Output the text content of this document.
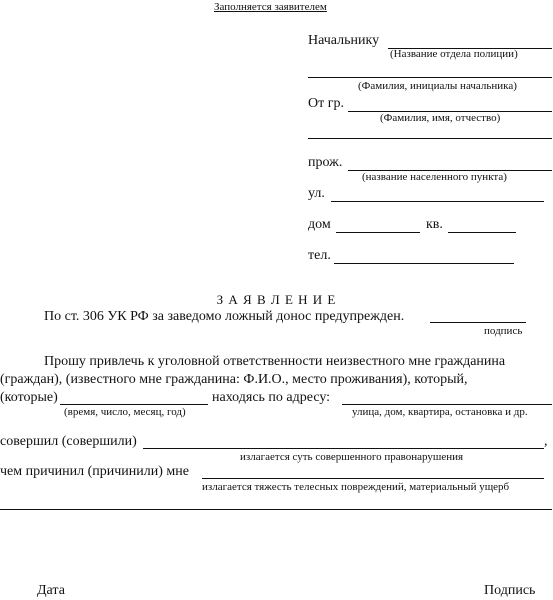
Заполняется заявителем
Начальнику
(Название отдела полиции)
(Фамилия, инициалы начальника)
От гр.
(Фамилия, имя, отчество)
прож.
(название населенного пункта)
ул.
дом	кв.
тел.
З А Я В Л Е Н И Е
По ст. 306 УК РФ за заведомо ложный донос предупрежден.
подпись
Прошу привлечь к уголовной ответственности неизвестного мне гражданина
(граждан), (известного мне гражданина: Ф.И.О., место проживания), который,
(которые)	находясь по адресу:
(время, число, месяц, год)	улица, дом, квартира, остановка и др.
совершил (совершили)	,
излагается суть совершенного правонарушения
чем причинил (причинили) мне
излагается тяжесть телесных повреждений, материальный ущерб
Дата	Подпись
